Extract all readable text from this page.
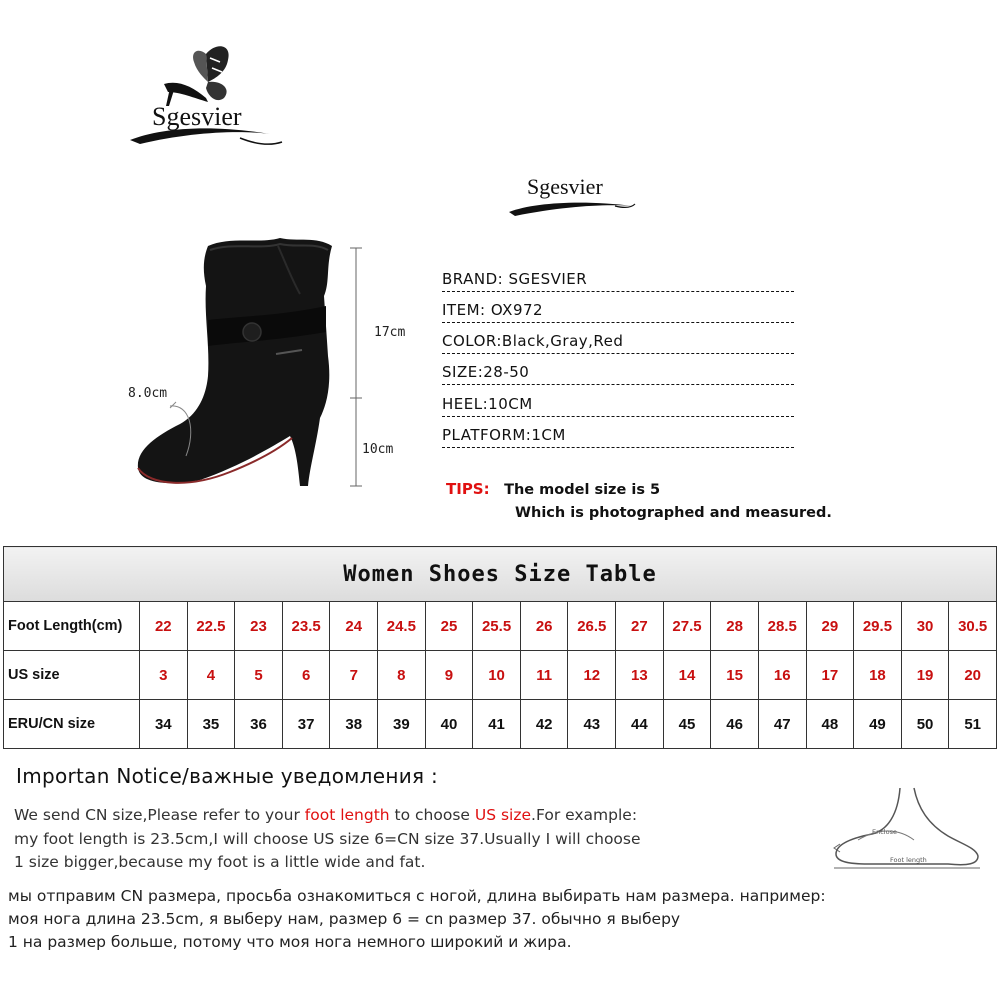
Sgesvier
Sgesvier
17cm
10cm
8.0cm
BRAND: SGESVIER
ITEM: OX972
COLOR:Black,Gray,Red
SIZE:28-50
HEEL:10CM
PLATFORM:1CM
TIPS: The model size is 5
Which is photographed and measured.
Women Shoes Size Table																		
Foot Length(cm)	22	22.5	23	23.5	24	24.5	25	25.5	26	26.5	27	27.5	28	28.5	29	29.5	30	30.5
US size	3	4	5	6	7	8	9	10	11	12	13	14	15	16	17	18	19	20
ERU/CN size	34	35	36	37	38	39	40	41	42	43	44	45	46	47	48	49	50	51
Importan Notice/важные уведомления :
We send CN size,Please refer to your foot length to choose US size.For example:
my foot length is 23.5cm,I will choose US size 6=CN size 37.Usually I will choose
1 size bigger,because my foot is a little wide and fat.
мы отправим CN размера, просьба ознакомиться с ногой, длина выбирать нам размера. например:
моя нога длина 23.5cm, я выберу нам, размер 6 = cn размер 37. обычно я выберу
1 на размер больше, потому что моя нога немного широкий и жира.
Enclose
Foot length
